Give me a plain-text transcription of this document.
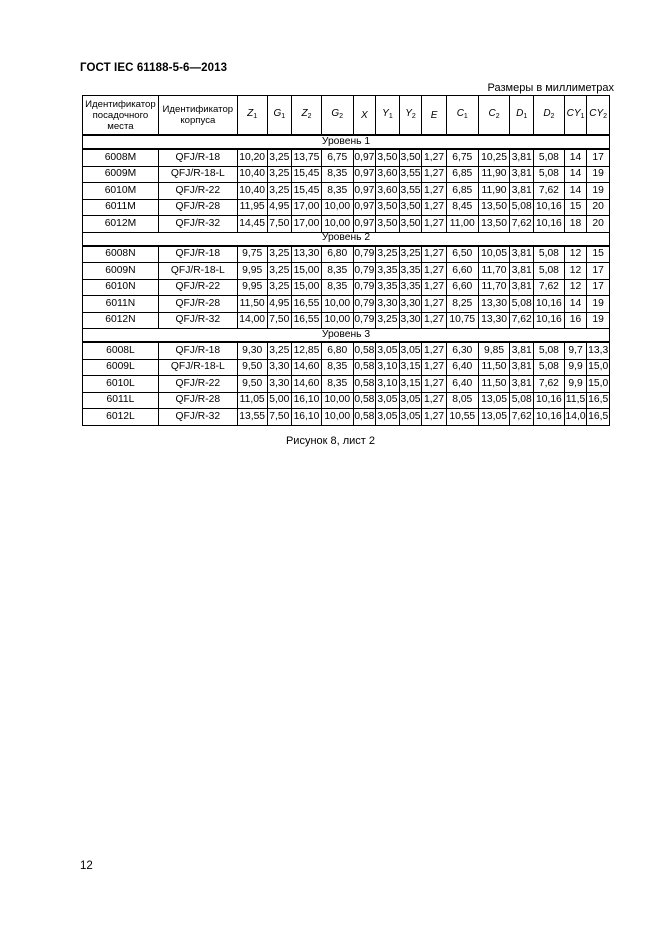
ГОСТ IEC 61188-5-6—2013
Размеры в миллиметрах
Идентификатор посадочного места	Идентификатор корпуса	$Z_1$	$G_1$	$Z_2$	$G_2$	X	$Y_1$	$Y_2$	E	$C_1$	$C_2$	$D_1$	$D_2$	$CY_1$	$CY_2$
Уровень 1															
6008M	QFJ/R-18	10,20	3,25	13,75	6,75	0,97	3,50	3,50	1,27	6,75	10,25	3,81	5,08	14	17
6009M	QFJ/R-18-L	10,40	3,25	15,45	8,35	0,97	3,60	3,55	1,27	6,85	11,90	3,81	5,08	14	19
6010M	QFJ/R-22	10,40	3,25	15,45	8,35	0,97	3,60	3,55	1,27	6,85	11,90	3,81	7,62	14	19
6011M	QFJ/R-28	11,95	4,95	17,00	10,00	0,97	3,50	3,50	1,27	8,45	13,50	5,08	10,16	15	20
6012M	QFJ/R-32	14,45	7,50	17,00	10,00	0,97	3,50	3,50	1,27	11,00	13,50	7,62	10,16	18	20
Уровень 2															
6008N	QFJ/R-18	9,75	3,25	13,30	6,80	0,79	3,25	3,25	1,27	6,50	10,05	3,81	5,08	12	15
6009N	QFJ/R-18-L	9,95	3,25	15,00	8,35	0,79	3,35	3,35	1,27	6,60	11,70	3,81	5,08	12	17
6010N	QFJ/R-22	9,95	3,25	15,00	8,35	0,79	3,35	3,35	1,27	6,60	11,70	3,81	7,62	12	17
6011N	QFJ/R-28	11,50	4,95	16,55	10,00	0,79	3,30	3,30	1,27	8,25	13,30	5,08	10,16	14	19
6012N	QFJ/R-32	14,00	7,50	16,55	10,00	0,79	3,25	3,30	1,27	10,75	13,30	7,62	10,16	16	19
Уровень 3															
6008L	QFJ/R-18	9,30	3,25	12,85	6,80	0,58	3,05	3,05	1,27	6,30	9,85	3,81	5,08	9,7	13,3
6009L	QFJ/R-18-L	9,50	3,30	14,60	8,35	0,58	3,10	3,15	1,27	6,40	11,50	3,81	5,08	9,9	15,0
6010L	QFJ/R-22	9,50	3,30	14,60	8,35	0,58	3,10	3,15	1,27	6,40	11,50	3,81	7,62	9,9	15,0
6011L	QFJ/R-28	11,05	5,00	16,10	10,00	0,58	3,05	3,05	1,27	8,05	13,05	5,08	10,16	11,5	16,5
6012L	QFJ/R-32	13,55	7,50	16,10	10,00	0,58	3,05	3,05	1,27	10,55	13,05	7,62	10,16	14,0	16,5
Рисунок 8, лист 2
12
